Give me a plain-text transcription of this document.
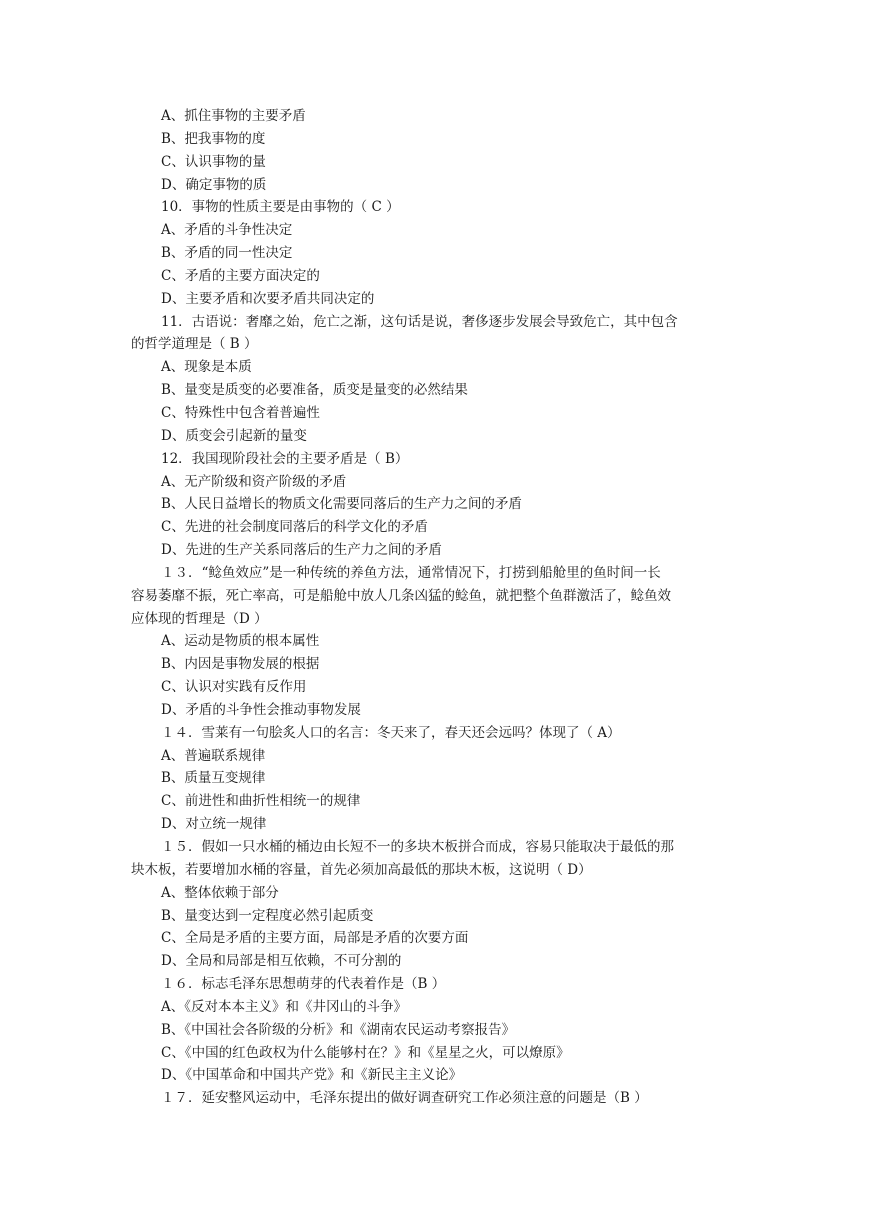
A、抓住事物的主要矛盾
B、把我事物的度
C、认识事物的量
D、确定事物的质
10．事物的性质主要是由事物的（ C ）
A、矛盾的斗争性决定
B、矛盾的同一性决定
C、矛盾的主要方面决定的
D、主要矛盾和次要矛盾共同决定的
11．古语说：奢靡之始，危亡之渐，这句话是说，奢侈逐步发展会导致危亡，其中包含
的哲学道理是（ B ）
A、现象是本质
B、量变是质变的必要准备，质变是量变的必然结果
C、特殊性中包含着普遍性
D、质变会引起新的量变
12．我国现阶段社会的主要矛盾是（ B）
A、无产阶级和资产阶级的矛盾
B、人民日益增长的物质文化需要同落后的生产力之间的矛盾
C、先进的社会制度同落后的科学文化的矛盾
D、先进的生产关系同落后的生产力之间的矛盾
１３．“鲶鱼效应”是一种传统的养鱼方法，通常情况下，打捞到船舱里的鱼时间一长
容易萎靡不振，死亡率高，可是船舱中放人几条凶猛的鲶鱼，就把整个鱼群激活了，鲶鱼效
应体现的哲理是（D ）
A、运动是物质的根本属性
B、内因是事物发展的根据
C、认识对实践有反作用
D、矛盾的斗争性会推动事物发展
１４．雪莱有一句脍炙人口的名言：冬天来了，春天还会远吗？体现了（ A）
A、普遍联系规律
B、质量互变规律
C、前进性和曲折性相统一的规律
D、对立统一规律
１５．假如一只水桶的桶边由长短不一的多块木板拼合而成，容易只能取决于最低的那
块木板，若要增加水桶的容量，首先必须加高最低的那块木板，这说明（ D）
A、整体依赖于部分
B、量变达到一定程度必然引起质变
C、全局是矛盾的主要方面，局部是矛盾的次要方面
D、全局和局部是相互依赖，不可分割的
１６．标志毛泽东思想萌芽的代表着作是（B ）
A、《反对本本主义》和《井冈山的斗争》
B、《中国社会各阶级的分析》和《湖南农民运动考察报告》
C、《中国的红色政权为什么能够村在？》和《星星之火，可以燎原》
D、《中国革命和中国共产党》和《新民主主义论》
１７．延安整风运动中，毛泽东提出的做好调查研究工作必须注意的问题是（B ）
